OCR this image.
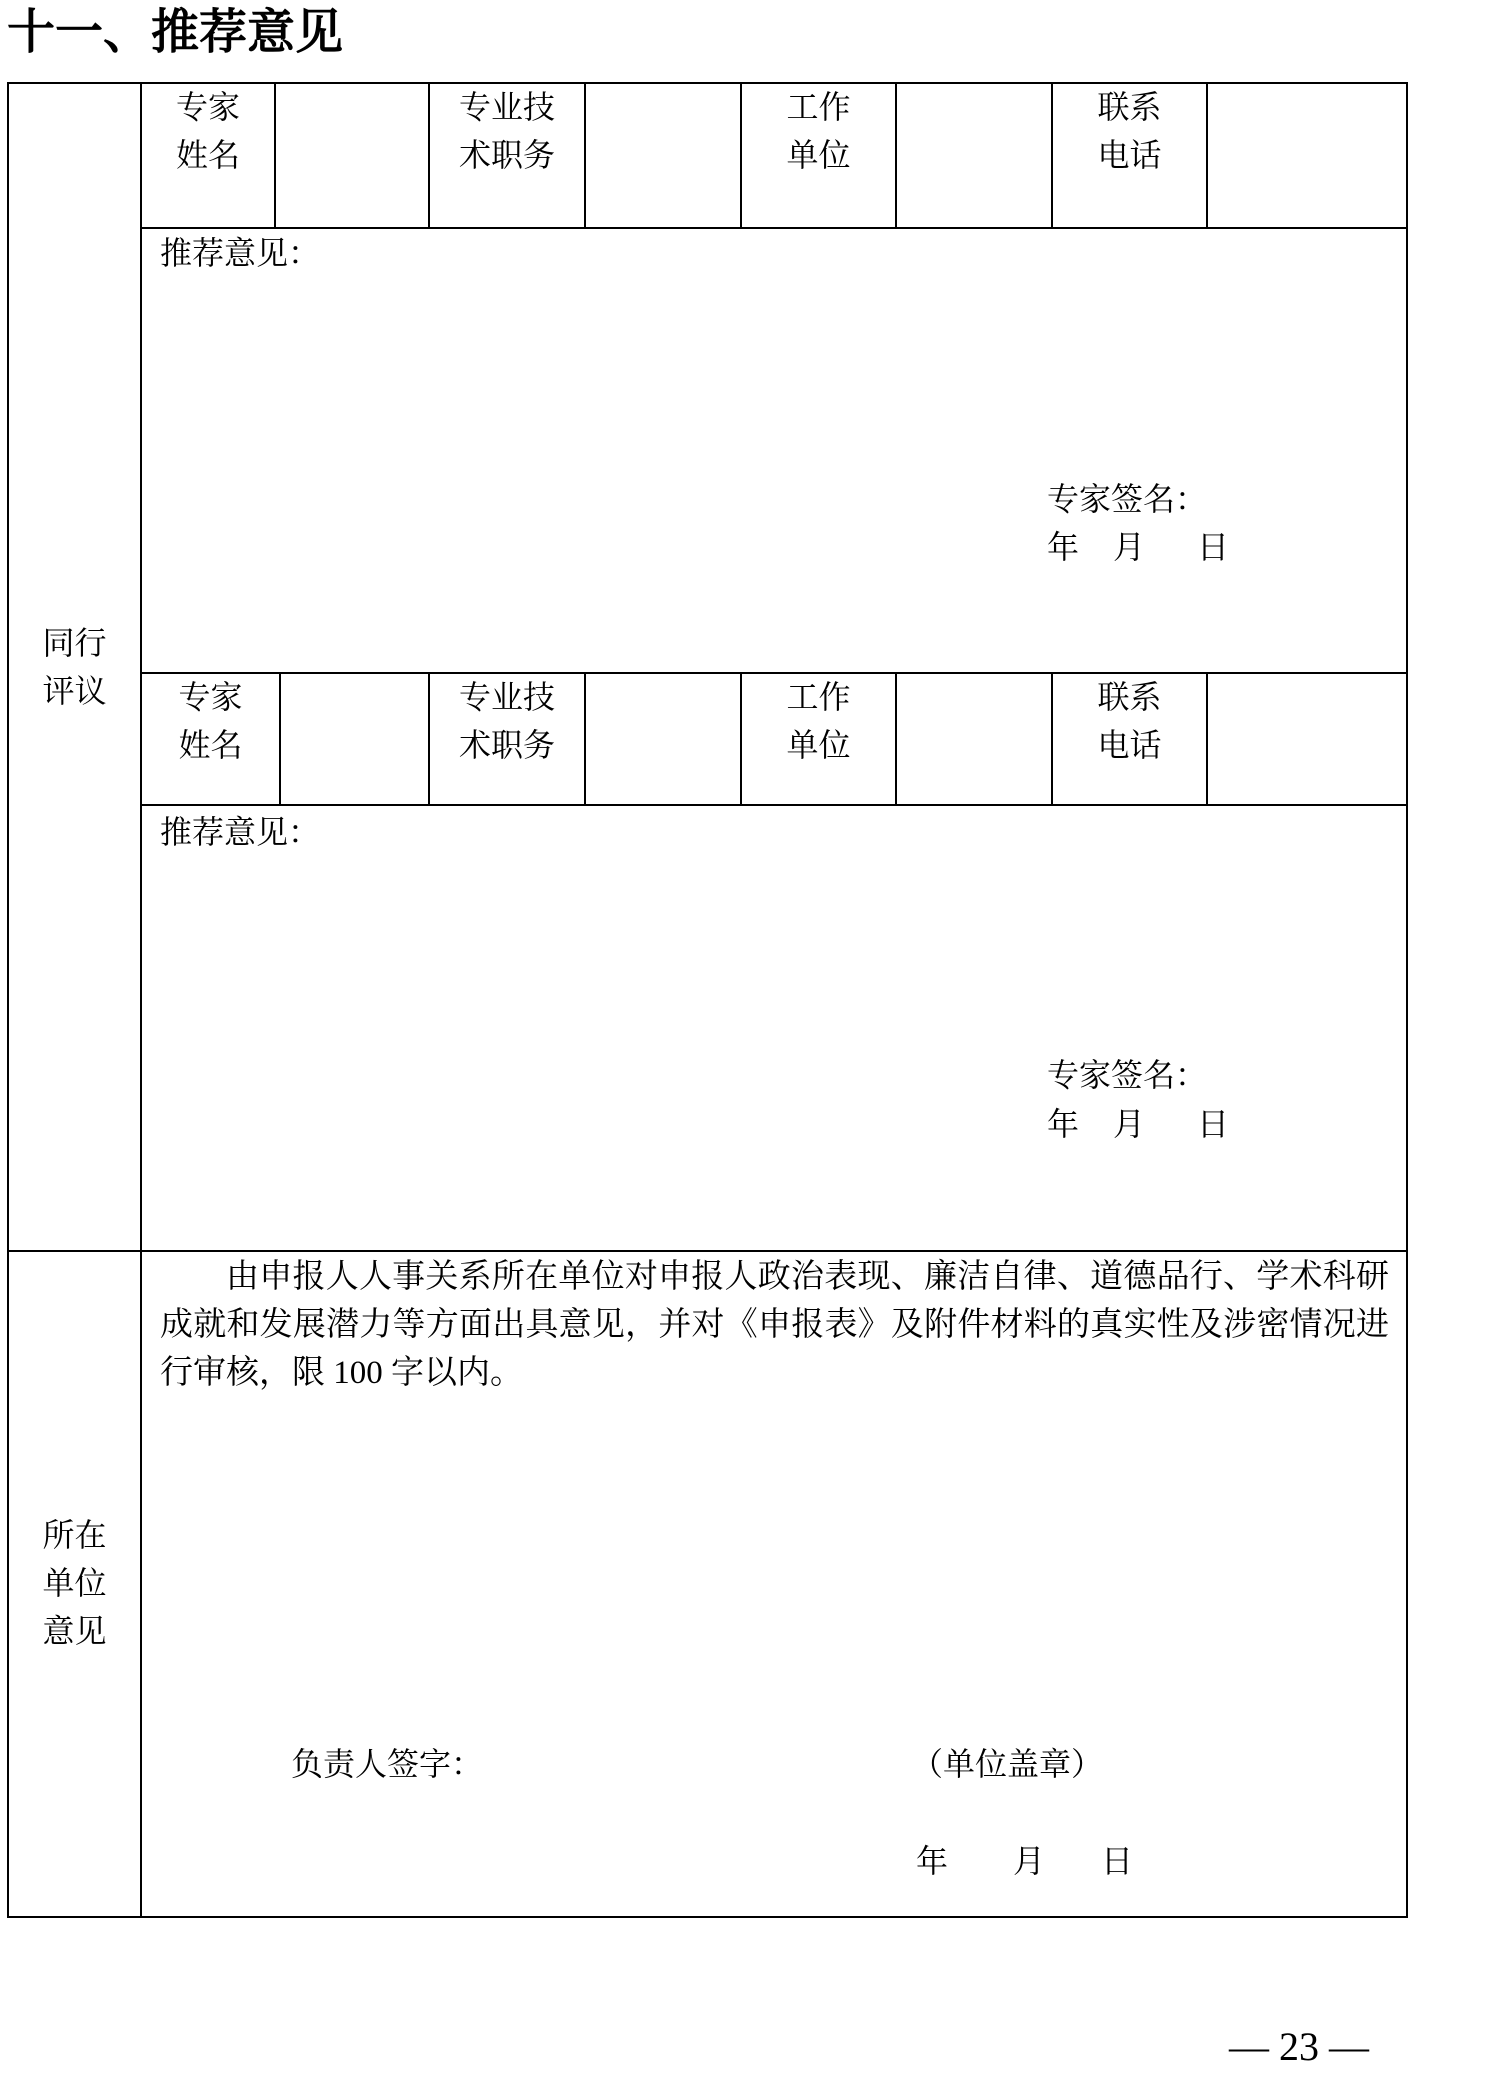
十一、推荐意见
同行
评议
所在
单位
意见
专家
姓名
专业技
术职务
工作
单位
联系
电话
推荐意见：
专家签名：
年 月 日
专家
姓名
专业技
术职务
工作
单位
联系
电话
推荐意见：
专家签名：
年 月 日

由申报人人事关系所在单位对申报人政治表现、廉洁自律、道德品行、学术科研成就和发展潜力等方面出具意见，并对《申报表》及附件材料的真实性及涉密情况进行审核，限 100 字以内。

负责人签字：	（单位盖章）
年 月 日
— 23 —
